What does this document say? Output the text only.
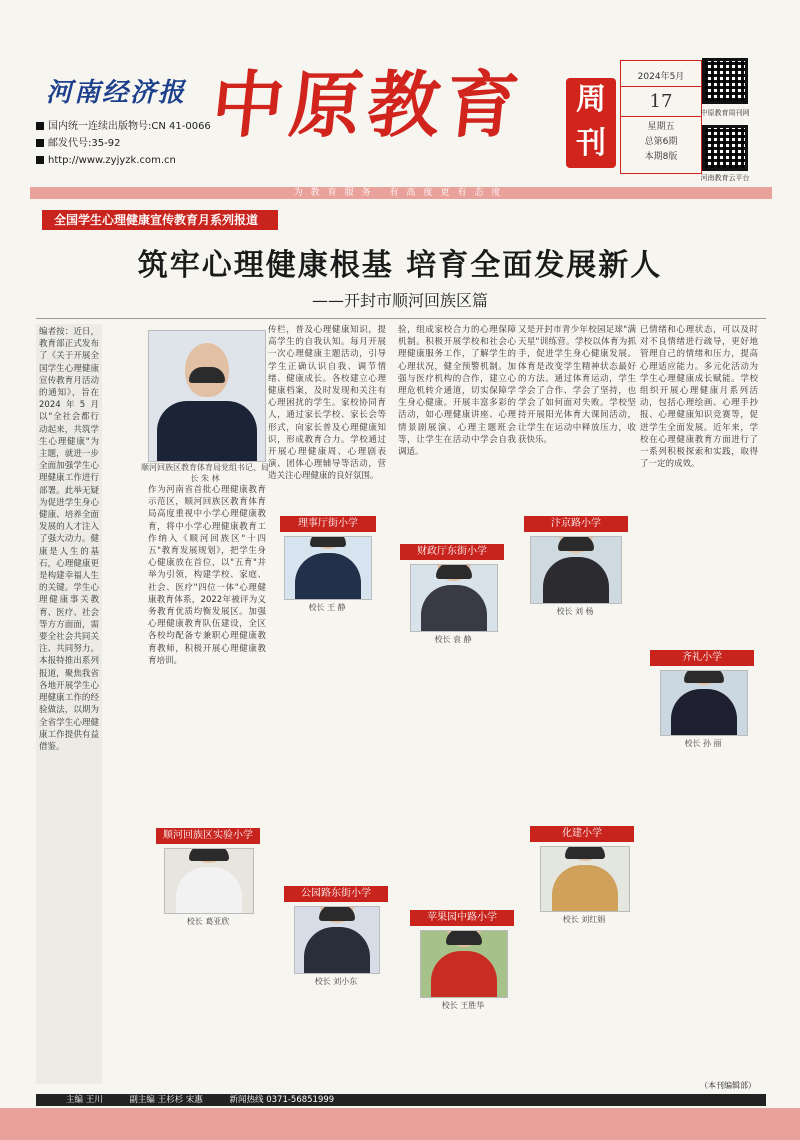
河南经济报
国内统一连续出版物号:CN 41-0066
邮发代号:35-92
http://www.zyjyzk.com.cn
中原教育	周刊
2024年5月
17
星期五
总第6期
本期8版
中原教育周刊网
河南教育云平台
为教育服务 有高度更有态度
全国学生心理健康宣传教育月系列报道
筑牢心理健康根基 培育全面发展新人
——开封市顺河回族区篇
编者按：近日，教育部正式发布了《关于开展全国学生心理健康宣传教育月活动的通知》，旨在2024年5月以"全社会都行动起来，共筑学生心理健康"为主题，就进一步全面加强学生心理健康工作进行部署。此举无疑为促进学生身心健康、培养全面发展的人才注入了强大动力。健康是人生的基石，心理健康更是构建幸福人生的关键。学生心理健康事关教育、医疗、社会等方方面面，需要全社会共同关注、共同努力。本报特推出系列报道，聚焦我省各地开展学生心理健康工作的经验做法，以期为全省学生心理健康工作提供有益借鉴。
顺河回族区教育体育局党组书记、局长 朱 林
作为河南省首批心理健康教育示范区，顺河回族区教育体育局高度重视中小学心理健康教育，将中小学心理健康教育工作纳入《顺河回族区"十四五"教育发展规划》，把学生身心健康放在首位，以"五育"并举为引领，构建学校、家庭、社会、医疗"四位一体"心理健康教育体系，2022年被评为义务教育优质均衡发展区。加强心理健康教育队伍建设，全区各校均配备专兼职心理健康教育教师，积极开展心理健康教育培训。
传栏，普及心理健康知识，提高学生的自我认知。每月开展一次心理健康主题活动，引导学生正确认识自我、调节情绪、健康成长。各校建立心理健康档案，及时发现和关注有心理困扰的学生。家校协同育人，通过家长学校、家长会等形式，向家长普及心理健康知识，形成教育合力。学校通过开展心理健康周、心理剧表演、团体心理辅导等活动，营造关注心理健康的良好氛围。
验，组成家校合力的心理保障机制。积极开展学校和社会心理健康服务工作，了解学生的心理状况，健全预警机制。加强与医疗机构的合作，建立心理危机转介通道，切实保障学生身心健康。开展丰富多彩的活动，如心理健康讲座、心理情景剧展演、心理主题班会等，让学生在活动中学会自我调适。
又是开封市青少年校园足球"满天星"训练营。学校以体育为抓手，促进学生身心健康发展。体育是改变学生精神状态最好的方法。通过体育运动，学生学会了合作、学会了坚持，也学会了如何面对失败。学校坚持开展阳光体育大课间活动，让学生在运动中释放压力，收获快乐。
已情绪和心理状态，可以及时对不良情绪进行疏导，更好地管理自己的情绪和压力，提高心理适应能力。多元化活动为学生心理健康成长赋能。学校组织开展心理健康月系列活动，包括心理绘画、心理手抄报、心理健康知识竞赛等，促进学生全面发展。近年来，学校在心理健康教育方面进行了一系列积极探索和实践，取得了一定的成效。
理事厅街小学
校长 王 静
财政厅东街小学
校长 袁 静
汴京路小学
校长 刘 杨
齐礼小学
校长 孙 丽
顺河回族区实验小学
校长 葛亚欣
公园路东街小学
校长 刘小东
苹果园中路小学
校长 王胜华
化建小学
校长 刘红娟
（本刊编辑部）
主编 王川	副主编 王杉杉 宋惠	新闻热线 0371-56851999
